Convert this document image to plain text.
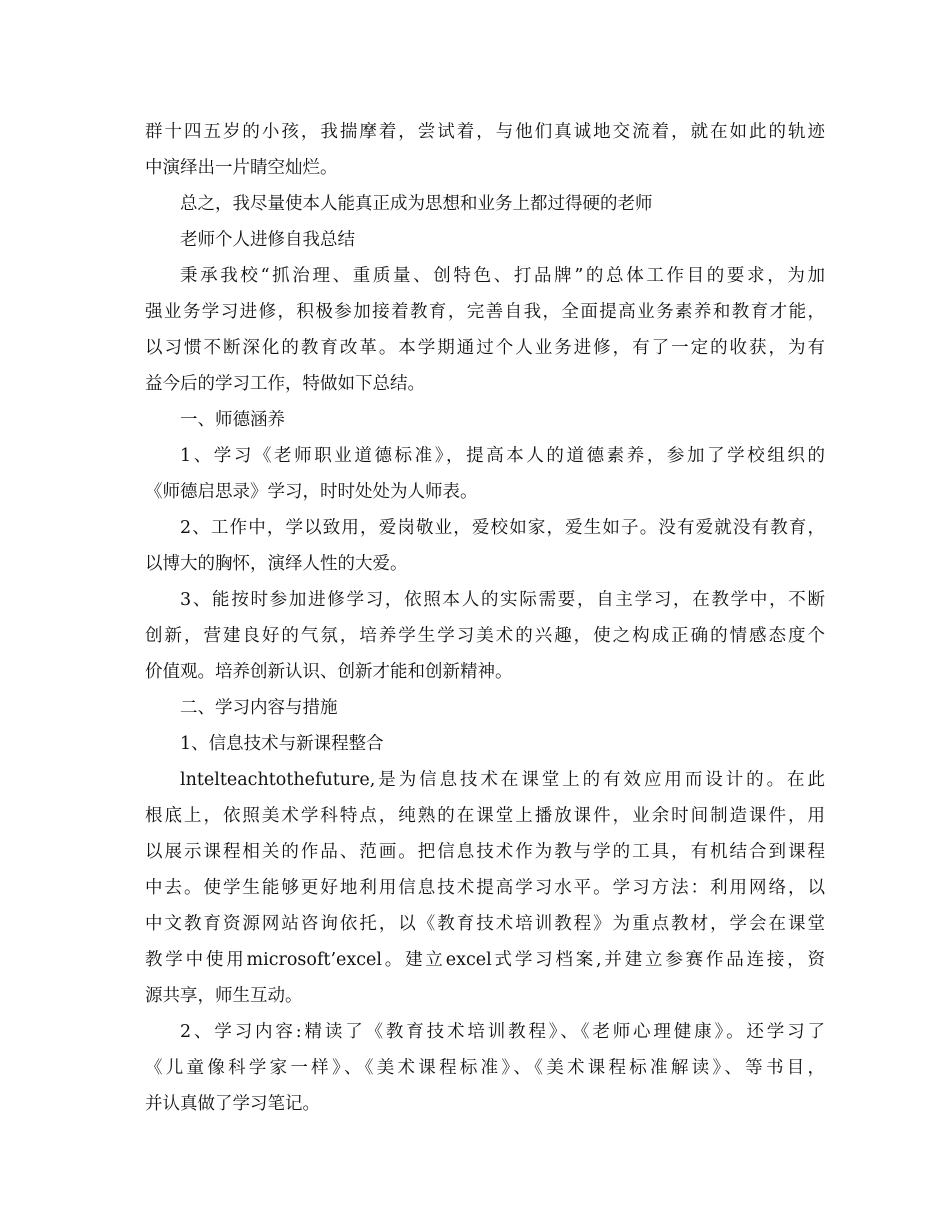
群十四五岁的小孩，我揣摩着，尝试着，与他们真诚地交流着，就在如此的轨迹
中演绎出一片睛空灿烂。
总之，我尽量使本人能真正成为思想和业务上都过得硬的老师
老师个人进修自我总结
秉承我校“抓治理、重质量、创特色、打品牌”的总体工作目的要求，为加
强业务学习进修，积极参加接着教育，完善自我，全面提高业务素养和教育才能，
以习惯不断深化的教育改革。本学期通过个人业务进修，有了一定的收获，为有
益今后的学习工作，特做如下总结。
一、师德涵养
1、学习《老师职业道德标准》，提高本人的道德素养，参加了学校组织的
《师德启思录》学习，时时处处为人师表。
2、工作中，学以致用，爱岗敬业，爱校如家，爱生如子。没有爱就没有教育，
以博大的胸怀，演绎人性的大爱。
3、能按时参加进修学习，依照本人的实际需要，自主学习，在教学中，不断
创新，营建良好的气氛，培养学生学习美术的兴趣，使之构成正确的情感态度个
价值观。培养创新认识、创新才能和创新精神。
二、学习内容与措施
1、信息技术与新课程整合
lntelteachtothefuture,是为信息技术在课堂上的有效应用而设计的。在此
根底上，依照美术学科特点，纯熟的在课堂上播放课件，业余时间制造课件，用
以展示课程相关的作品、范画。把信息技术作为教与学的工具，有机结合到课程
中去。使学生能够更好地利用信息技术提高学习水平。学习方法：利用网络，以
中文教育资源网站咨询依托，以《教育技术培训教程》为重点教材，学会在课堂
教学中使用microsoft’excel。建立excel式学习档案,并建立参赛作品连接，资
源共享，师生互动。
2、学习内容:精读了《教育技术培训教程》、《老师心理健康》。还学习了
《儿童像科学家一样》、《美术课程标准》、《美术课程标准解读》、等书目，
并认真做了学习笔记。
